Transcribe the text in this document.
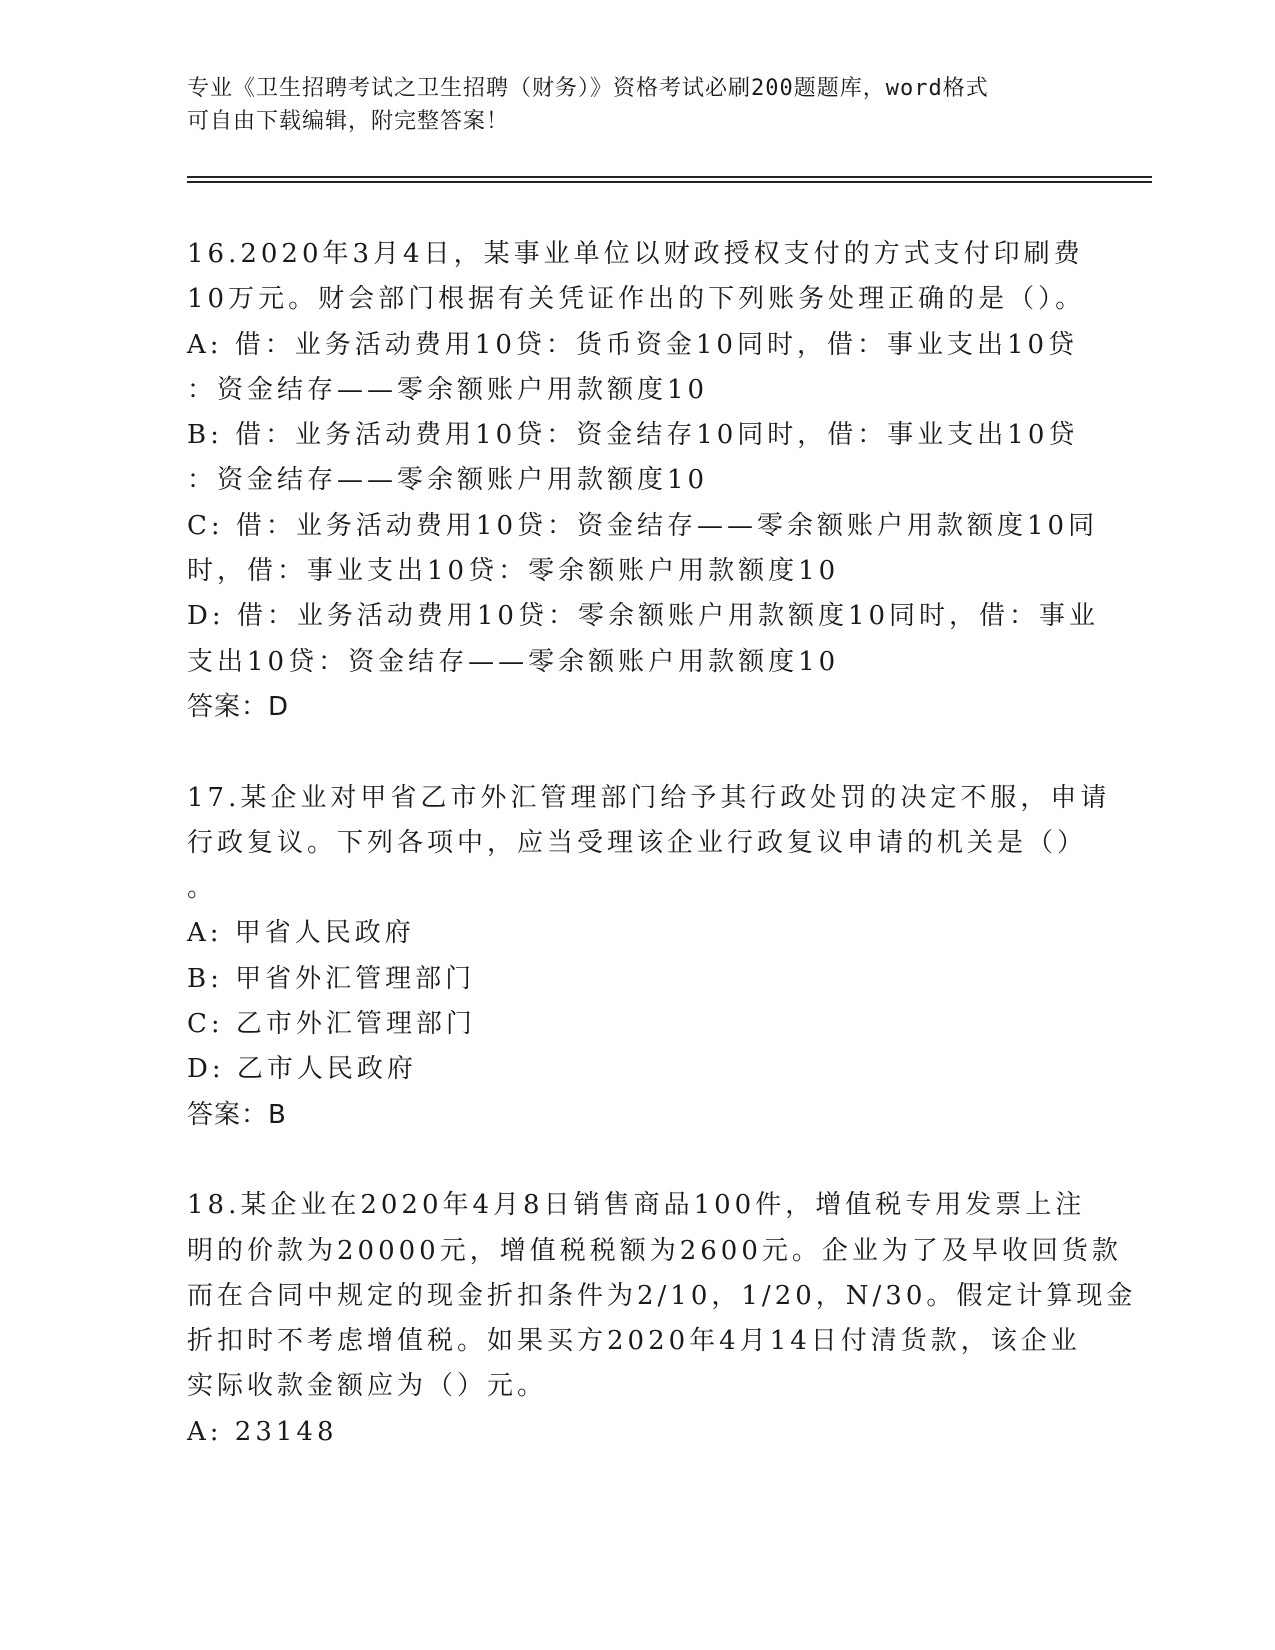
专业《卫生招聘考试之卫生招聘（财务）》资格考试必刷200题题库，word格式
可自由下载编辑，附完整答案！
16.2020年3月4日，某事业单位以财政授权支付的方式支付印刷费
10万元。财会部门根据有关凭证作出的下列账务处理正确的是（）。
A: 借：业务活动费用10贷：货币资金10同时，借：事业支出10贷
：资金结存——零余额账户用款额度10
B: 借：业务活动费用10贷：资金结存10同时，借：事业支出10贷
：资金结存——零余额账户用款额度10
C: 借：业务活动费用10贷：资金结存——零余额账户用款额度10同
时，借：事业支出10贷：零余额账户用款额度10
D: 借：业务活动费用10贷：零余额账户用款额度10同时，借：事业
支出10贷：资金结存——零余额账户用款额度10
答案：D
17.某企业对甲省乙市外汇管理部门给予其行政处罚的决定不服，申请
行政复议。下列各项中，应当受理该企业行政复议申请的机关是（）
。
A: 甲省人民政府
B: 甲省外汇管理部门
C: 乙市外汇管理部门
D: 乙市人民政府
答案：B
18.某企业在2020年4月8日销售商品100件，增值税专用发票上注
明的价款为20000元，增值税税额为2600元。企业为了及早收回货款
而在合同中规定的现金折扣条件为2/10，1/20，N/30。假定计算现金
折扣时不考虑增值税。如果买方2020年4月14日付清货款，该企业
实际收款金额应为（）元。
A: 23148
